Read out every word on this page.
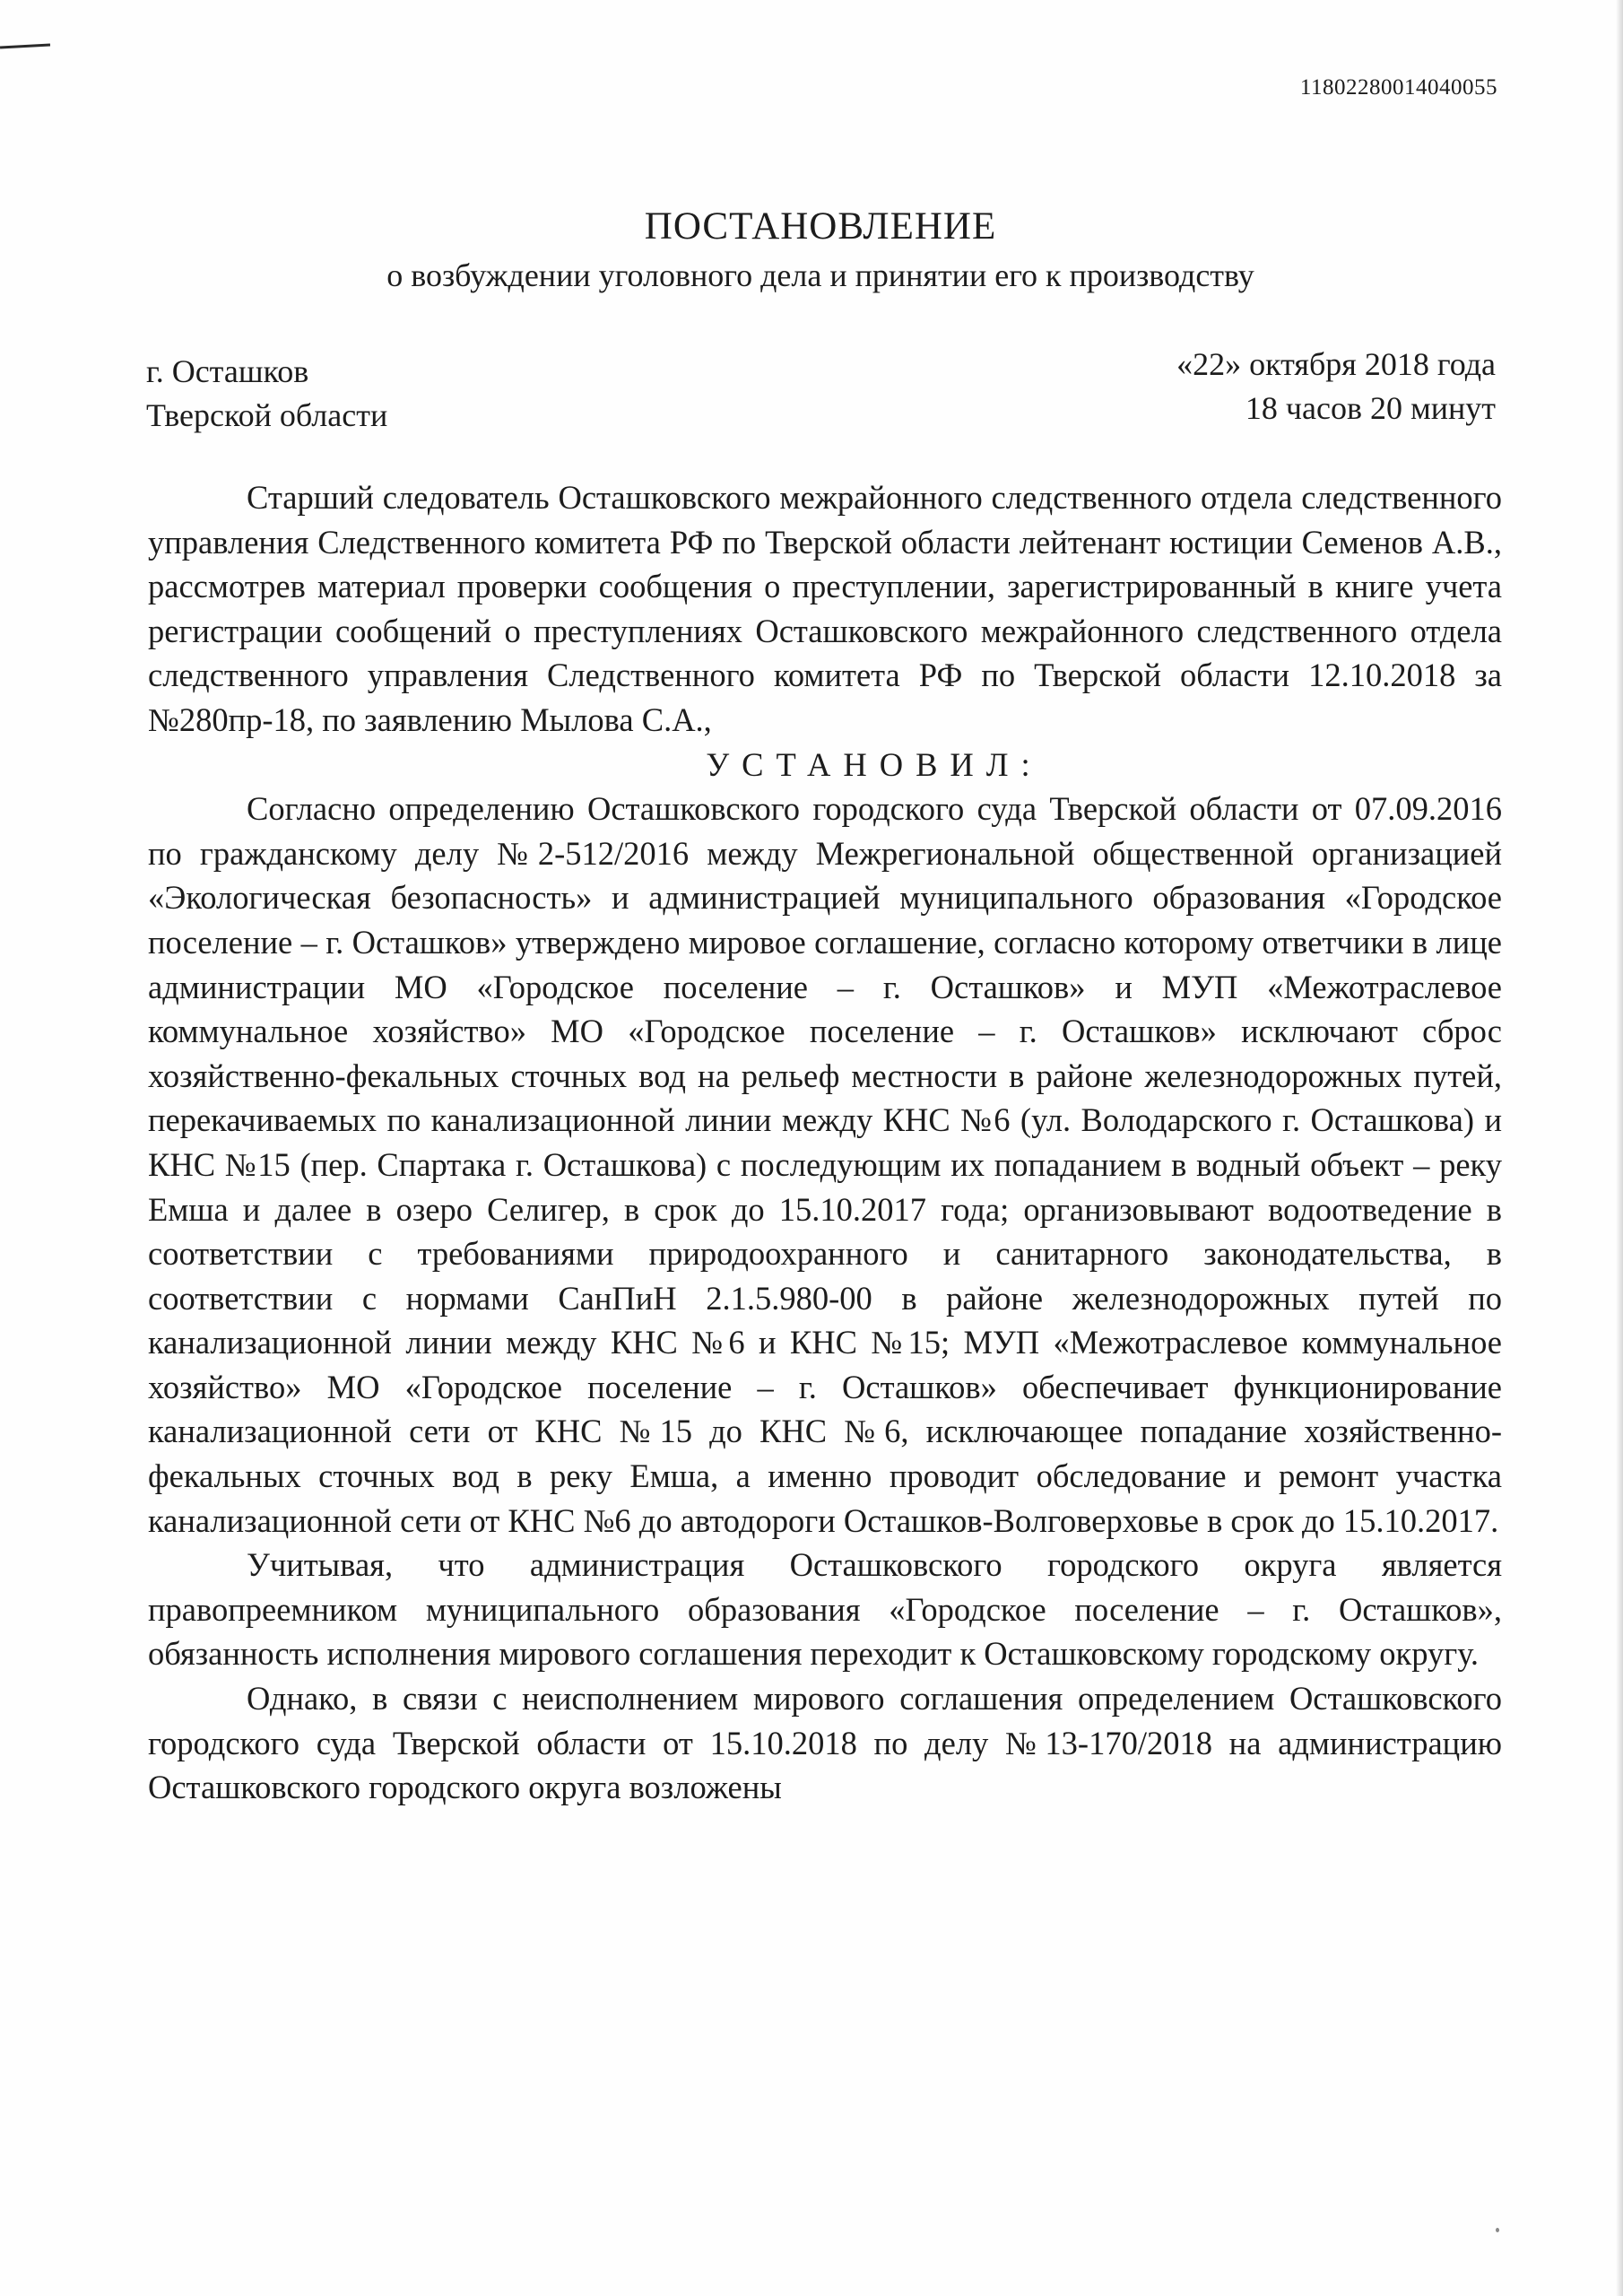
11802280014040055
ПОСТАНОВЛЕНИЕ
о возбуждении уголовного дела и принятии его к производству
г. Осташков
Тверской области
«22» октября 2018 года
18 часов 20 минут

Старший следователь Осташковского межрайонного следственного отдела следственного управления Следственного комитета РФ по Тверской области лейтенант юстиции Семенов А.В., рассмотрев материал проверки сообщения о преступлении, зарегистрированный в книге учета регистрации сообщений о преступлениях Осташковского межрайонного следственного отдела следственного управления Следственного комитета РФ по Тверской области 12.10.2018 за №280пр-18, по заявлению Мылова С.А.,

УСТАНОВИЛ:

Согласно определению Осташковского городского суда Тверской области от 07.09.2016 по гражданскому делу №2-512/2016 между Межрегиональной общественной организацией «Экологическая безопасность» и администрацией муниципального образования «Городское поселение – г. Осташков» утверждено мировое соглашение, согласно которому ответчики в лице администрации МО «Городское поселение – г. Осташков» и МУП «Межотраслевое коммунальное хозяйство» МО «Городское поселение – г. Осташков» исключают сброс хозяйственно-фекальных сточных вод на рельеф местности в районе железнодорожных путей, перекачиваемых по канализационной линии между КНС №6 (ул. Володарского г. Осташкова) и КНС №15 (пер. Спартака г. Осташкова) с последующим их попаданием в водный объект – реку Емша и далее в озеро Селигер, в срок до 15.10.2017 года; организовывают водоотведение в соответствии с требованиями природоохранного и санитарного законодательства, в соответствии с нормами СанПиН 2.1.5.980-00 в районе железнодорожных путей по канализационной линии между КНС №6 и КНС №15; МУП «Межотраслевое коммунальное хозяйство» МО «Городское поселение – г. Осташков» обеспечивает функционирование канализационной сети от КНС №15 до КНС №6, исключающее попадание хозяйственно-фекальных сточных вод в реку Емша, а именно проводит обследование и ремонт участка канализационной сети от КНС №6 до автодороги Осташков-Волговерховье в срок до 15.10.2017.

Учитывая, что администрация Осташковского городского округа является правопреемником муниципального образования «Городское поселение – г. Осташков», обязанность исполнения мирового соглашения переходит к Осташковскому городскому округу.

Однако, в связи с неисполнением мирового соглашения определением Осташковского городского суда Тверской области от 15.10.2018 по делу №13-170/2018 на администрацию Осташковского городского округа возложены
